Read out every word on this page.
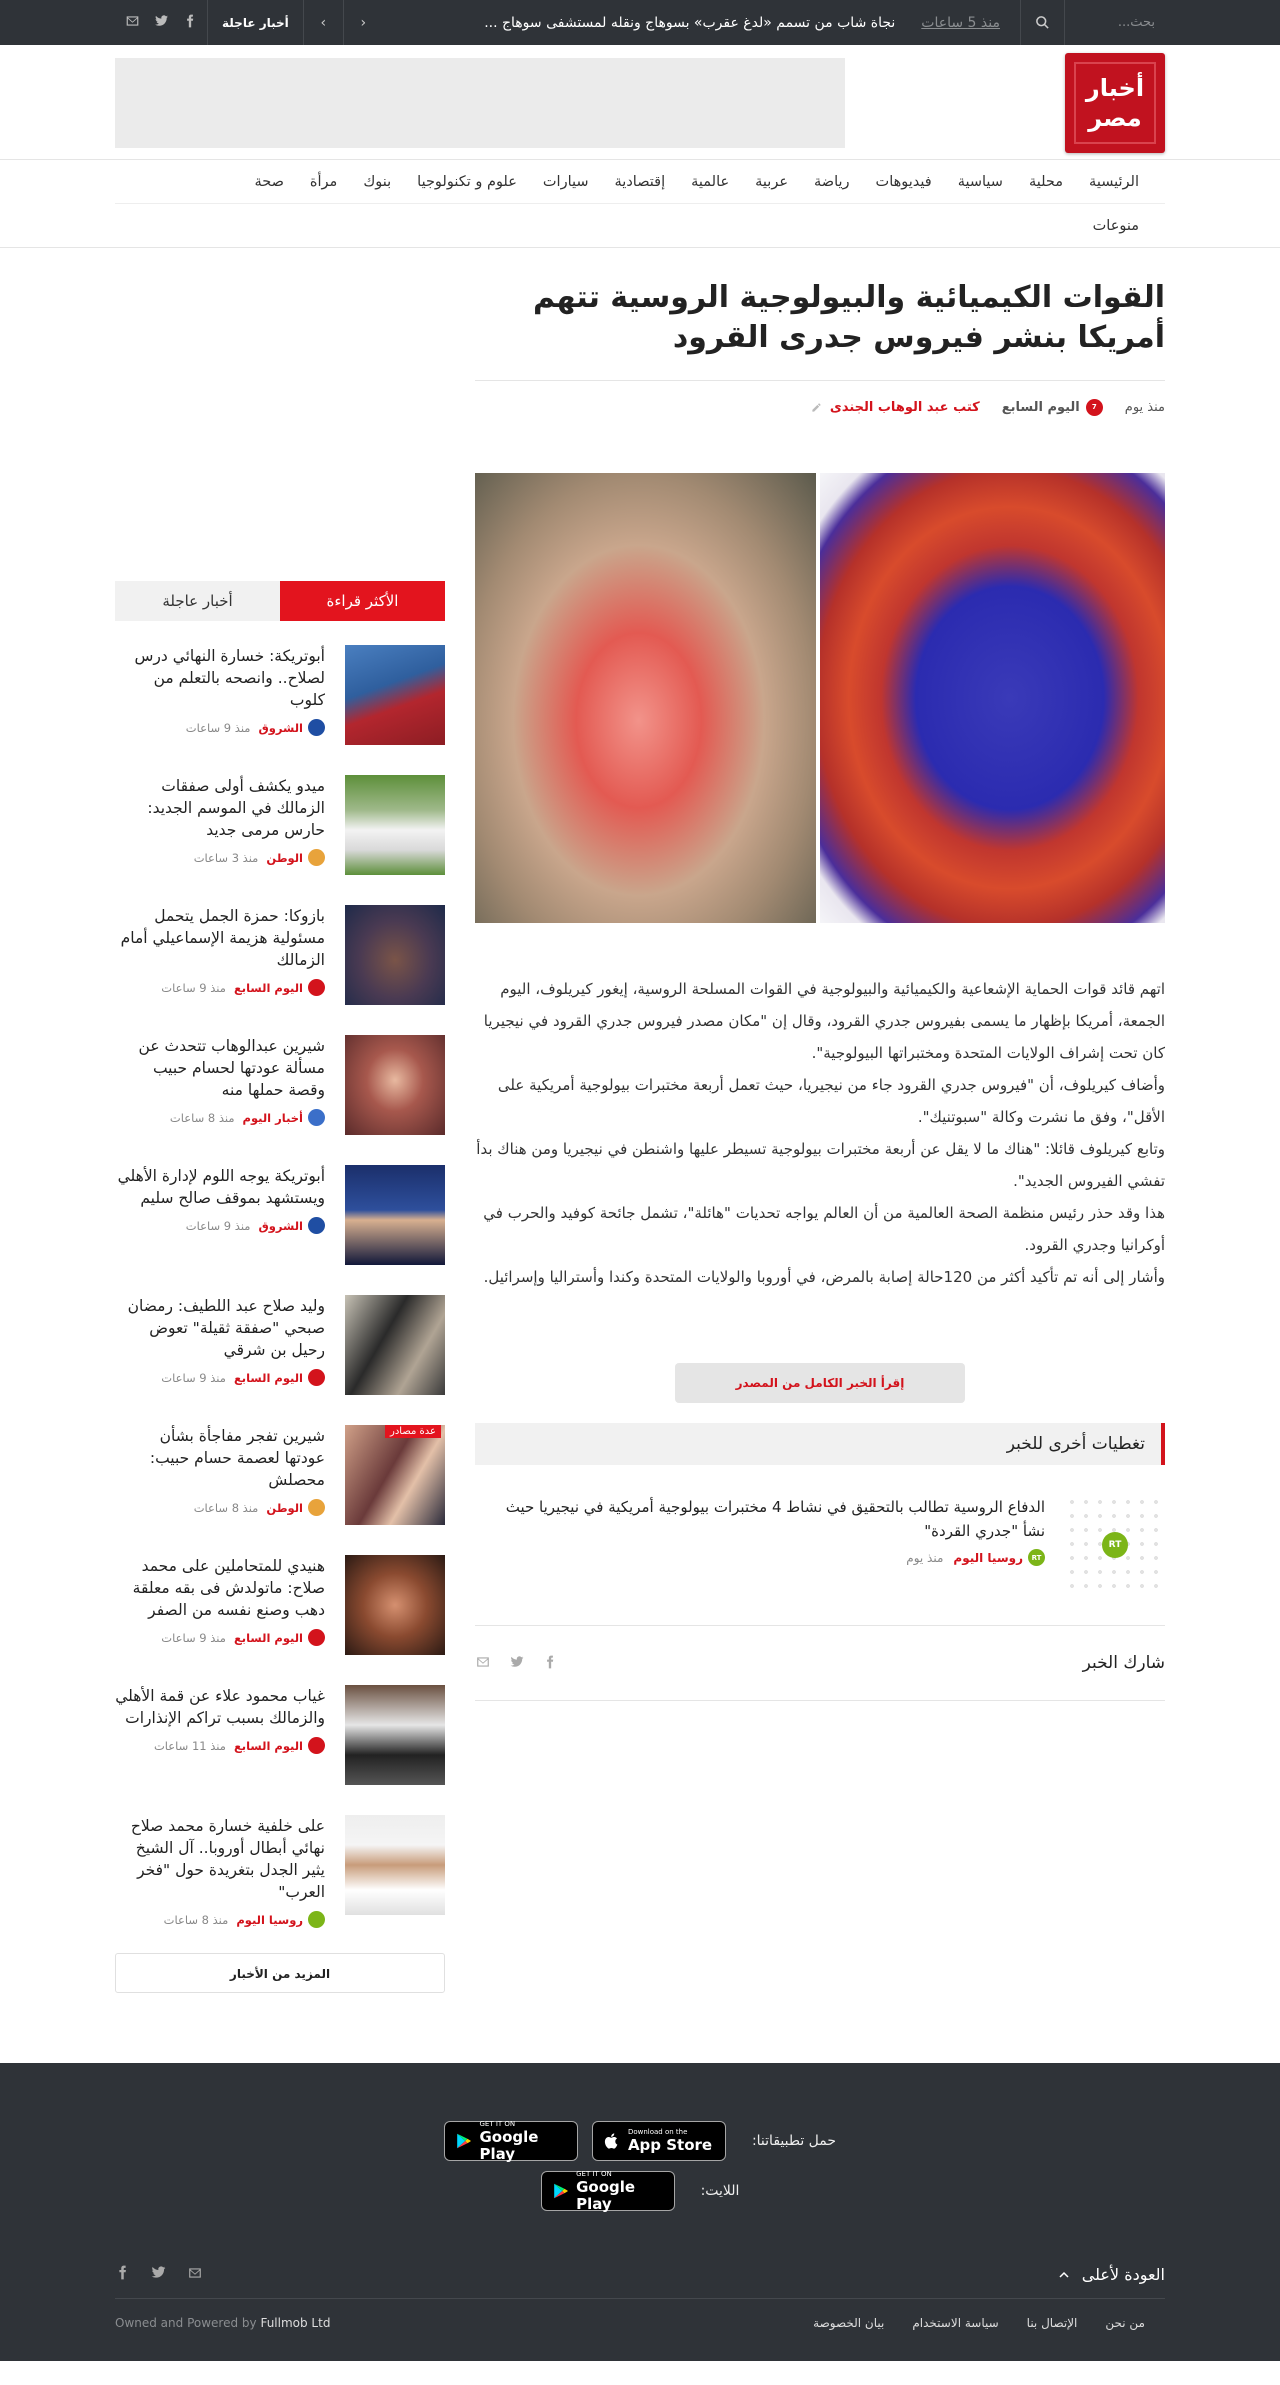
بحث...
منذ 5 ساعات
نجاة شاب من تسمم «لدغ عقرب» بسوهاج ونقله لمستشفى سوهاج ...
‹
›
أخبار عاجلة
أخبار
مصر
الرئيسية
محلية
سياسية
فيديوهات
رياضة
عربية
عالمية
إقتصادية
سيارات
علوم و تكنولوجيا
بنوك
مرأة
صحة
منوعات
القوات الكيميائية والبيولوجية الروسية تتهم أمريكا بنشر فيروس جدرى القرود
منذ يوم
7
اليوم السابع
كتب عبد الوهاب الجندى

اتهم قائد قوات الحماية الإشعاعية والكيميائية والبيولوجية في القوات المسلحة الروسية، إيغور كيريلوف، اليوم الجمعة، أمريكا بإظهار ما يسمى بفيروس جدري القرود، وقال إن "مكان مصدر فيروس جدري القرود في نيجيريا كان تحت إشراف الولايات المتحدة ومختبراتها البيولوجية".

وأضاف كيريلوف، أن "فيروس جدري القرود جاء من نيجيريا، حيث تعمل أربعة مختبرات بيولوجية أمريكية على الأقل"، وفق ما نشرت وكالة "سبوتنيك".

وتابع كيريلوف قائلا: "هناك ما لا يقل عن أربعة مختبرات بيولوجية تسيطر عليها واشنطن في نيجيريا ومن هناك بدأ تفشي الفيروس الجديد".

هذا وقد حذر رئيس منظمة الصحة العالمية من أن العالم يواجه تحديات "هائلة"، تشمل جائحة كوفيد والحرب في أوكرانيا وجدري القرود.

وأشار إلى أنه تم تأكيد أكثر من 120حالة إصابة بالمرض، في أوروبا والولايات المتحدة وكندا وأستراليا وإسرائيل.

إقرأ الخبر الكامل من المصدر
تغطيات أخرى للخبر
RT
الدفاع الروسية تطالب بالتحقيق في نشاط 4 مختبرات بيولوجية أمريكية في نيجيريا حيث نشأ "جدري القردة"
RT
روسيا اليوم
منذ يوم
شارك الخبر
الأكثر قراءة
أخبار عاجلة
أبوتريكة: خسارة النهائي درس لصلاح.. وانصحه بالتعلم من كلوب
الشروق
منذ 9 ساعات
ميدو يكشف أولى صفقات الزمالك في الموسم الجديد: حارس مرمى جديد
الوطن
منذ 3 ساعات
بازوكا: حمزة الجمل يتحمل مسئولية هزيمة الإسماعيلي أمام الزمالك
اليوم السابع
منذ 9 ساعات
شيرين عبدالوهاب تتحدث عن مسألة عودتها لحسام حبيب وقصة حملها منه
أخبار اليوم
منذ 8 ساعات
أبوتريكة يوجه اللوم لإدارة الأهلي ويستشهد بموقف صالح سليم
الشروق
منذ 9 ساعات
وليد صلاح عبد اللطيف: رمضان صبحي "صفقة ثقيلة" تعوض رحيل بن شرقي
اليوم السابع
منذ 9 ساعات
عدة مصادر
شيرين تفجر مفاجأة بشأن عودتها لعصمة حسام حبيب: محصلش
الوطن
منذ 8 ساعات
هنيدي للمتحاملين على محمد صلاح: ماتولدش فى بقه معلقة دهب وصنع نفسه من الصفر
اليوم السابع
منذ 9 ساعات
غياب محمود علاء عن قمة الأهلي والزمالك بسبب تراكم الإنذارات
اليوم السابع
منذ 11 ساعات
على خلفية خسارة محمد صلاح نهائي أبطال أوروبا.. آل الشيخ يثير الجدل بتغريدة حول "فخر العرب"
روسيا اليوم
منذ 8 ساعات
المزيد من الأخبار
حمل تطبيقاتنا:
Download on the
App Store
GET IT ON
Google Play
اللايت:
GET IT ON
Google Play
العودة لأعلى
من نحن
الإتصال بنا
سياسة الاستخدام
بيان الخصوصة
Owned and Powered by Fullmob Ltd
